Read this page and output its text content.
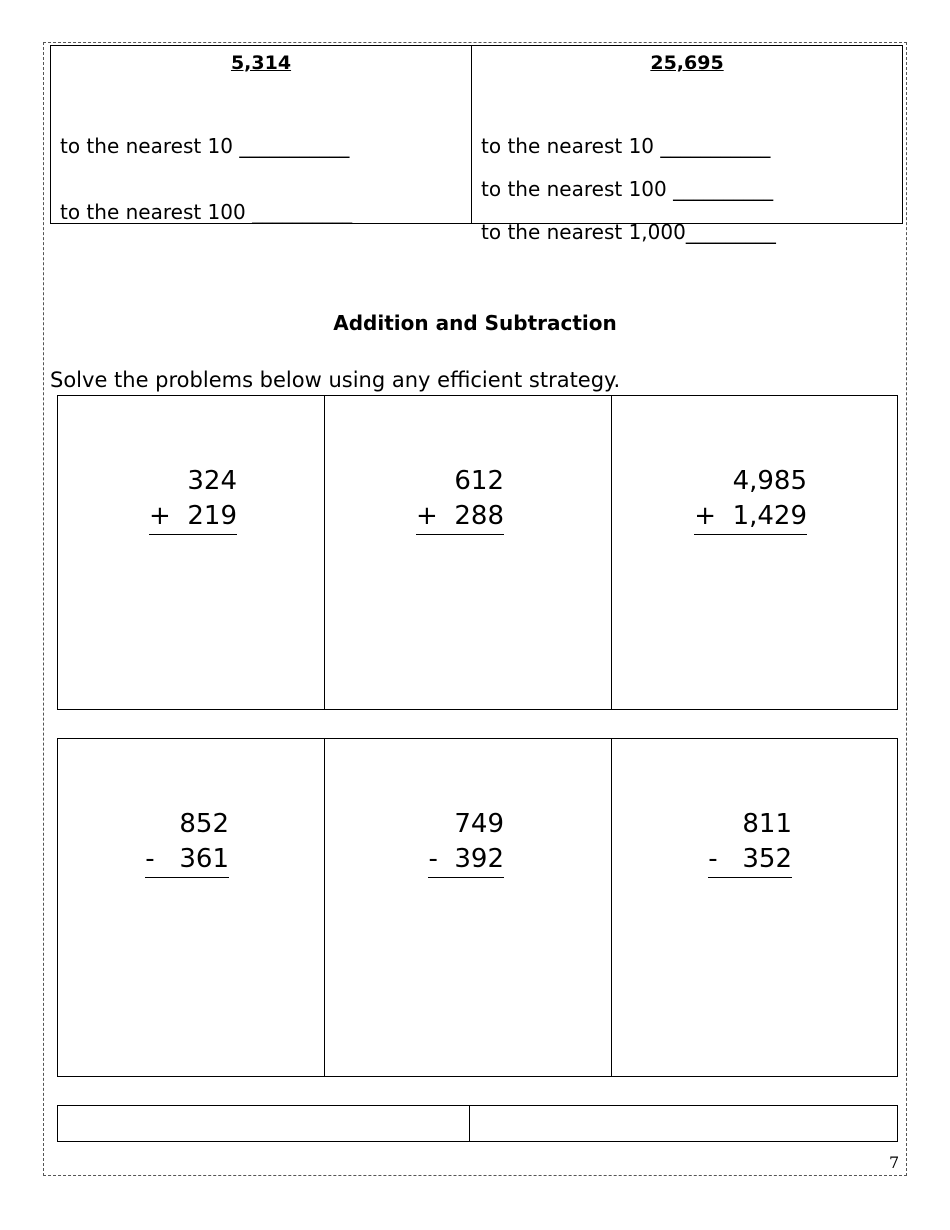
5,314
to the nearest 10 ___________
to the nearest 100 __________
25,695
to the nearest 10 ___________
to the nearest 100 __________
to the nearest 1,000_________
Addition and Subtraction
Solve the problems below using any efficient strategy.
324
+  219
612
+  288
4,985
+  1,429
852
-   361
749
-  392
811
-   352
7
